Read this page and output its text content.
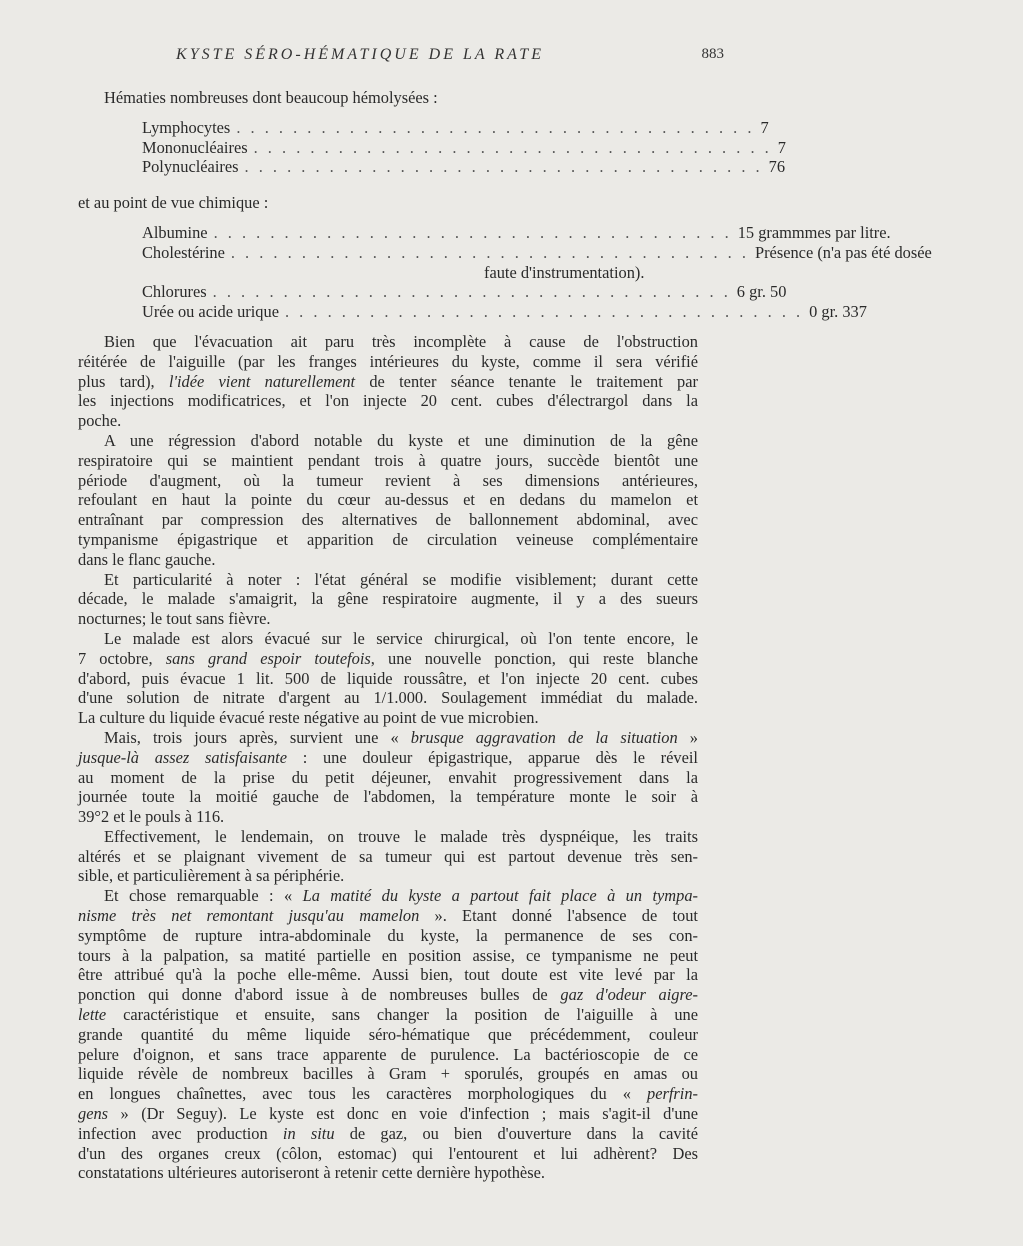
KYSTE SÉRO-HÉMATIQUE DE LA RATE	883
Hématies nombreuses dont beaucoup hémolysées :
Lymphocytes . . . . . . . . . . . . . . . . . . . . . . . . . . . . . . . . . . . . . 7
Mononucléaires . . . . . . . . . . . . . . . . . . . . . . . . . . . . . . . . . . . . . 7
Polynucléaires . . . . . . . . . . . . . . . . . . . . . . . . . . . . . . . . . . . . . 76
et au point de vue chimique :
Albumine . . . . . . . . . . . . . . . . . . . . . . . . . . . . . . . . . . . . . 15 grammmes par litre.
Cholestérine . . . . . . . . . . . . . . . . . . . . . . . . . . . . . . . . . . . . . Présence (n'a pas été dosée
faute d'instrumentation).
Chlorures . . . . . . . . . . . . . . . . . . . . . . . . . . . . . . . . . . . . . 6 gr. 50
Urée ou acide urique . . . . . . . . . . . . . . . . . . . . . . . . . . . . . . . . . . . . . 0 gr. 337
Bien que l'évacuation ait paru très incomplète à cause de l'obstruction
réitérée de l'aiguille (par les franges intérieures du kyste, comme il sera vérifié
plus tard), l'idée vient naturellement de tenter séance tenante le traitement par
les injections modificatrices, et l'on injecte 20 cent. cubes d'électrargol dans la
poche.
A une régression d'abord notable du kyste et une diminution de la gêne
respiratoire qui se maintient pendant trois à quatre jours, succède bientôt une
période d'augment, où la tumeur revient à ses dimensions antérieures,
refoulant en haut la pointe du cœur au-dessus et en dedans du mamelon et
entraînant par compression des alternatives de ballonnement abdominal, avec
tympanisme épigastrique et apparition de circulation veineuse complémentaire
dans le flanc gauche.
Et particularité à noter : l'état général se modifie visiblement; durant cette
décade, le malade s'amaigrit, la gêne respiratoire augmente, il y a des sueurs
nocturnes; le tout sans fièvre.
Le malade est alors évacué sur le service chirurgical, où l'on tente encore, le
7 octobre, sans grand espoir toutefois, une nouvelle ponction, qui reste blanche
d'abord, puis évacue 1 lit. 500 de liquide roussâtre, et l'on injecte 20 cent. cubes
d'une solution de nitrate d'argent au 1/1.000. Soulagement immédiat du malade.
La culture du liquide évacué reste négative au point de vue microbien.
Mais, trois jours après, survient une « brusque aggravation de la situation »
jusque-là assez satisfaisante : une douleur épigastrique, apparue dès le réveil
au moment de la prise du petit déjeuner, envahit progressivement dans la
journée toute la moitié gauche de l'abdomen, la température monte le soir à
39°2 et le pouls à 116.
Effectivement, le lendemain, on trouve le malade très dyspnéique, les traits
altérés et se plaignant vivement de sa tumeur qui est partout devenue très sen-
sible, et particulièrement à sa périphérie.
Et chose remarquable : « La matité du kyste a partout fait place à un tympa-
nisme très net remontant jusqu'au mamelon ». Etant donné l'absence de tout
symptôme de rupture intra-abdominale du kyste, la permanence de ses con-
tours à la palpation, sa matité partielle en position assise, ce tympanisme ne peut
être attribué qu'à la poche elle-même. Aussi bien, tout doute est vite levé par la
ponction qui donne d'abord issue à de nombreuses bulles de gaz d'odeur aigre-
lette caractéristique et ensuite, sans changer la position de l'aiguille à une
grande quantité du même liquide séro-hématique que précédemment, couleur
pelure d'oignon, et sans trace apparente de purulence. La bactérioscopie de ce
liquide révèle de nombreux bacilles à Gram + sporulés, groupés en amas ou
en longues chaînettes, avec tous les caractères morphologiques du « perfrin-
gens » (Dr Seguy). Le kyste est donc en voie d'infection ; mais s'agit-il d'une
infection avec production in situ de gaz, ou bien d'ouverture dans la cavité
d'un des organes creux (côlon, estomac) qui l'entourent et lui adhèrent? Des
constatations ultérieures autoriseront à retenir cette dernière hypothèse.
